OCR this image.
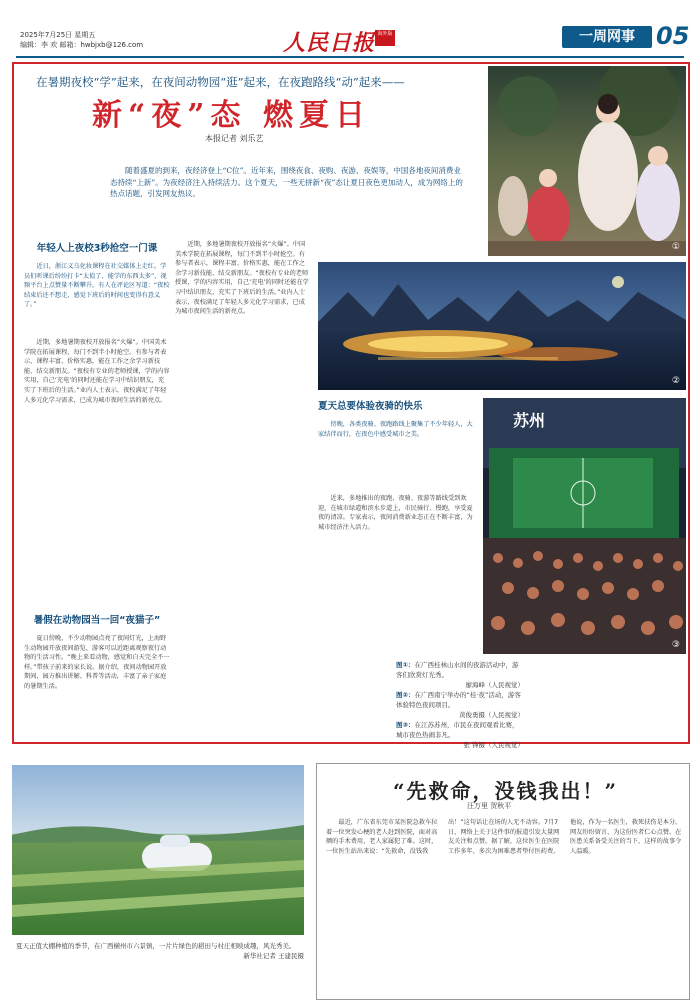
2025年7月25日 星期五
编辑：李 欢 邮箱：hwbjxb@126.com	人民日报 海外版	一周网事 05
在暑期夜校“学”起来，在夜间动物园“逛”起来，在夜跑路线“动”起来——
新“夜”态 燃夏日
本报记者 刘乐艺
随着盛夏的到来，夜经济登上“C位”。近年来，围绕夜食、夜购、夜游、夜娱等，中国各地夜间消费业态持续“上新”。为夜经济注入持续活力。这个夏天，一些无拼新“夜”态让夏日夜色更加动人，成为网络上的热点话题，引发网友热议。
①
②
苏州
③
年轻人上夜校3秒抢空一门课
近日，浙江义乌化妆课程在社交媒体上走红。学员们听课后纷纷打卡“太值了，能学的东西太多”，视频平台上点赞量不断攀升。有人在评论区写道：“夜校结束后还不想走，感觉下班后的时间也变得有意义了。”
近期，多地暑期夜校开放报名“火爆”。中国美术学院在拓展课程，每门不到半小时抢空。有参与者表示，课程丰富、价格实惠，能在工作之余学习新技能、结交新朋友。“夜校有专业的老师授课，学的内容实用，自己‘充电’的同时还能在学习中结识朋友，充实了下班后的生活。”业内人士表示，夜校满足了年轻人多元化学习需求，已成为城市夜间生活的新亮点。
暑假在动物园当一回“夜猫子”
夏日傍晚，不少动物园点亮了夜间灯光，上海野生动物园开放夜间游览，游客可以近距离观察夜行动物的生活习性。“晚上来看动物，感觉和白天完全不一样。”带孩子前来的家长说。据介绍，夜间动物园开放期间，园方推出讲解、科普等活动，丰富了亲子家庭的暑期生活。
近期，多地暑期夜校开放报名“火爆”。中国美术学院在拓展课程，每门不到半小时抢空。有参与者表示，课程丰富、价格实惠，能在工作之余学习新技能、结交新朋友。“夜校有专业的老师授课，学的内容实用，自己‘充电’的同时还能在学习中结识朋友，充实了下班后的生活。”业内人士表示，夜校满足了年轻人多元化学习需求，已成为城市夜间生活的新亮点。
夏天总要体验夜骑的快乐
傍晚，各类夜骑、夜跑路线上聚集了不少年轻人，大家结伴而行，在夜色中感受城市之美。
近来，多地推出的夜跑、夜骑、夜游等路线受到欢迎，在城市绿道和滨水步道上，市民骑行、慢跑，享受夏夜的清凉。专家表示，夜间消费新业态正在不断丰富，为城市经济注入活力。
图①：在广西桂林山水间的夜游活动中，游客们欣赏灯光秀。
廖海峰（人民视觉）
图②：在广西南宁举办的“桂·夜”活动，游客体验特色夜间项目。
黄俊勇摄（人民视觉）
图③：在江苏苏州，市民在夜间观看比赛，城市夜色热闹非凡。
张 锋摄（人民视觉）
夏天正值大棚种植的季节，在广西横州市六景镇，一片片绿色的稻田与村庄相映成趣，风光秀美。
新华社记者 王建民摄
“先救命，没钱我出！”
汪万里 贺秋平
最近，广东省东莞市某医院急救车拉着一位突发心梗的老人赶到医院，面对高额的手术费用，老人家属犯了难。这时，一位医生站出来说：“先救命，没钱我出！”这句话让在场的人无不动容。7月7日，网络上关于这件事的报道引发大量网友关注和点赞。据了解，这位医生在医院工作多年，多次为困难患者垫付医药费。他说，作为一名医生，救死扶伤是本分。网友纷纷留言，为这份医者仁心点赞。在医患关系备受关注的当下，这样的故事令人温暖。
